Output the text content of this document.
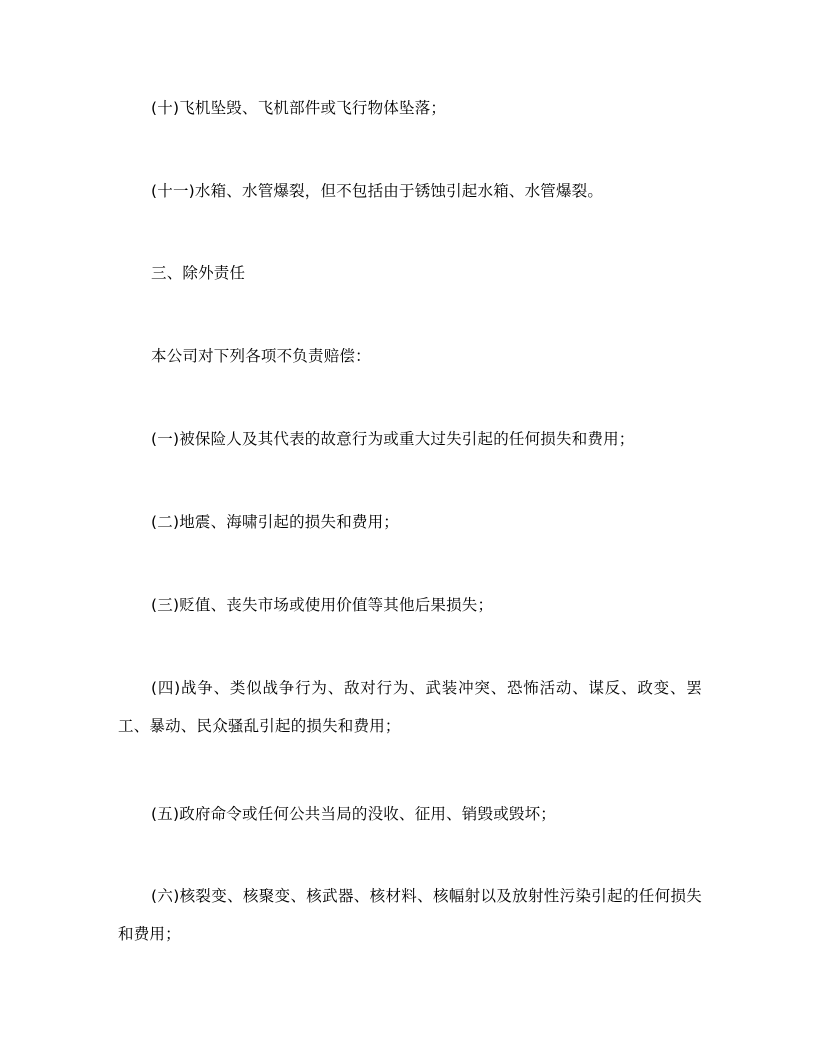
(十)飞机坠毁、飞机部件或飞行物体坠落；

(十一)水箱、水管爆裂，但不包括由于锈蚀引起水箱、水管爆裂。

三、除外责任

本公司对下列各项不负责赔偿：

(一)被保险人及其代表的故意行为或重大过失引起的任何损失和费用；

(二)地震、海啸引起的损失和费用；

(三)贬值、丧失市场或使用价值等其他后果损失；

(四)战争、类似战争行为、敌对行为、武装冲突、恐怖活动、谋反、政变、罢工、暴动、民众骚乱引起的损失和费用；

(五)政府命令或任何公共当局的没收、征用、销毁或毁坏；

(六)核裂变、核聚变、核武器、核材料、核幅射以及放射性污染引起的任何损失和费用；
